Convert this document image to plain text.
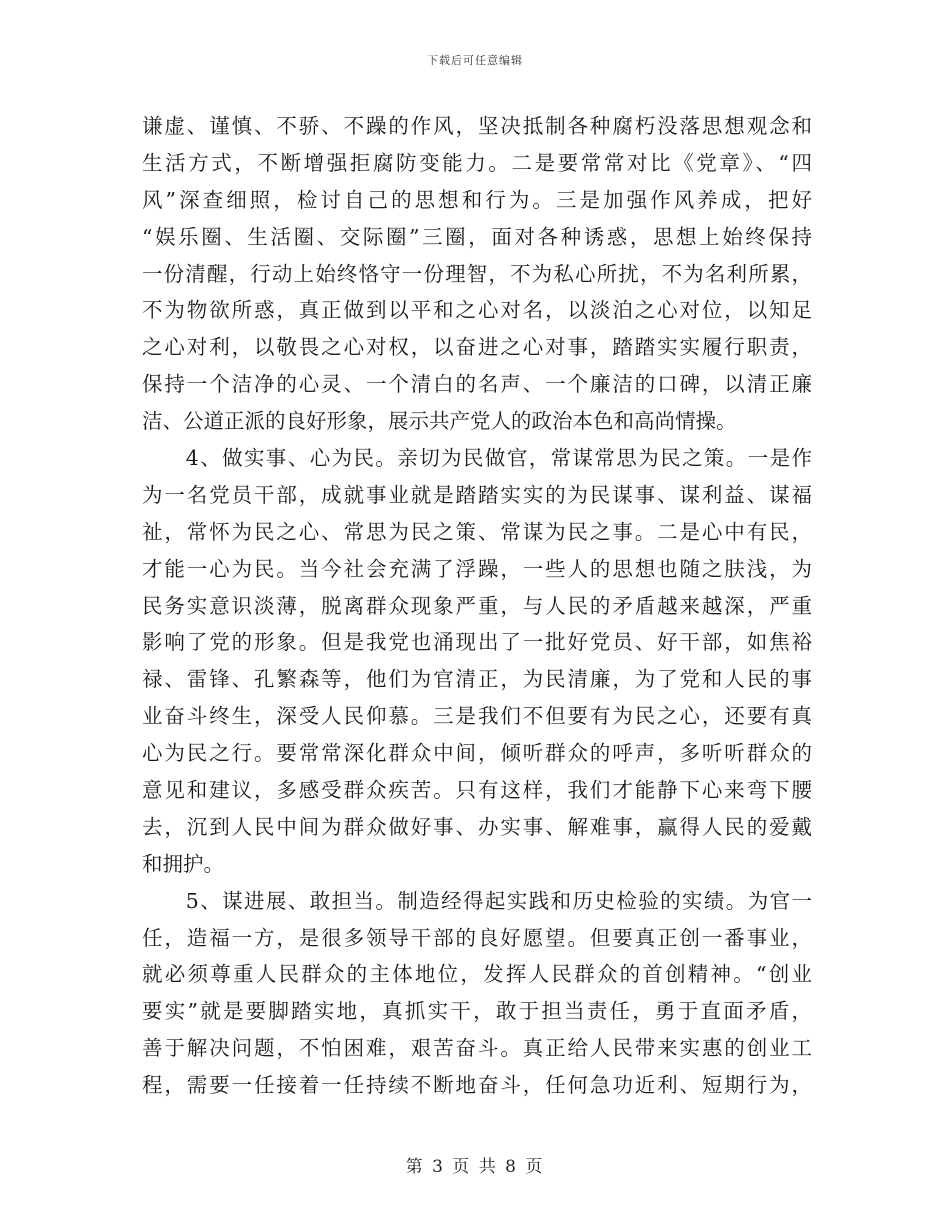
下载后可任意编辑
谦虚、谨慎、不骄、不躁的作风，坚决抵制各种腐朽没落思想观念和
生活方式，不断增强拒腐防变能力。二是要常常对比《党章》、“四
风”深查细照，检讨自己的思想和行为。三是加强作风养成，把好
“娱乐圈、生活圈、交际圈”三圈，面对各种诱惑，思想上始终保持
一份清醒，行动上始终恪守一份理智，不为私心所扰，不为名利所累，
不为物欲所惑，真正做到以平和之心对名，以淡泊之心对位，以知足
之心对利，以敬畏之心对权，以奋进之心对事，踏踏实实履行职责，
保持一个洁净的心灵、一个清白的名声、一个廉洁的口碑，以清正廉
洁、公道正派的良好形象，展示共产党人的政治本色和高尚情操。
　　4、做实事、心为民。亲切为民做官，常谋常思为民之策。一是作
为一名党员干部，成就事业就是踏踏实实的为民谋事、谋利益、谋福
祉，常怀为民之心、常思为民之策、常谋为民之事。二是心中有民，
才能一心为民。当今社会充满了浮躁，一些人的思想也随之肤浅，为
民务实意识淡薄，脱离群众现象严重，与人民的矛盾越来越深，严重
影响了党的形象。但是我党也涌现出了一批好党员、好干部，如焦裕
禄、雷锋、孔繁森等，他们为官清正，为民清廉，为了党和人民的事
业奋斗终生，深受人民仰慕。三是我们不但要有为民之心，还要有真
心为民之行。要常常深化群众中间，倾听群众的呼声，多听听群众的
意见和建议，多感受群众疾苦。只有这样，我们才能静下心来弯下腰
去，沉到人民中间为群众做好事、办实事、解难事，赢得人民的爱戴
和拥护。
　　5、谋进展、敢担当。制造经得起实践和历史检验的实绩。为官一
任，造福一方，是很多领导干部的良好愿望。但要真正创一番事业，
就必须尊重人民群众的主体地位，发挥人民群众的首创精神。“创业
要实”就是要脚踏实地，真抓实干，敢于担当责任，勇于直面矛盾，
善于解决问题，不怕困难，艰苦奋斗。真正给人民带来实惠的创业工
程，需要一任接着一任持续不断地奋斗，任何急功近利、短期行为，
第 3 页 共 8 页
